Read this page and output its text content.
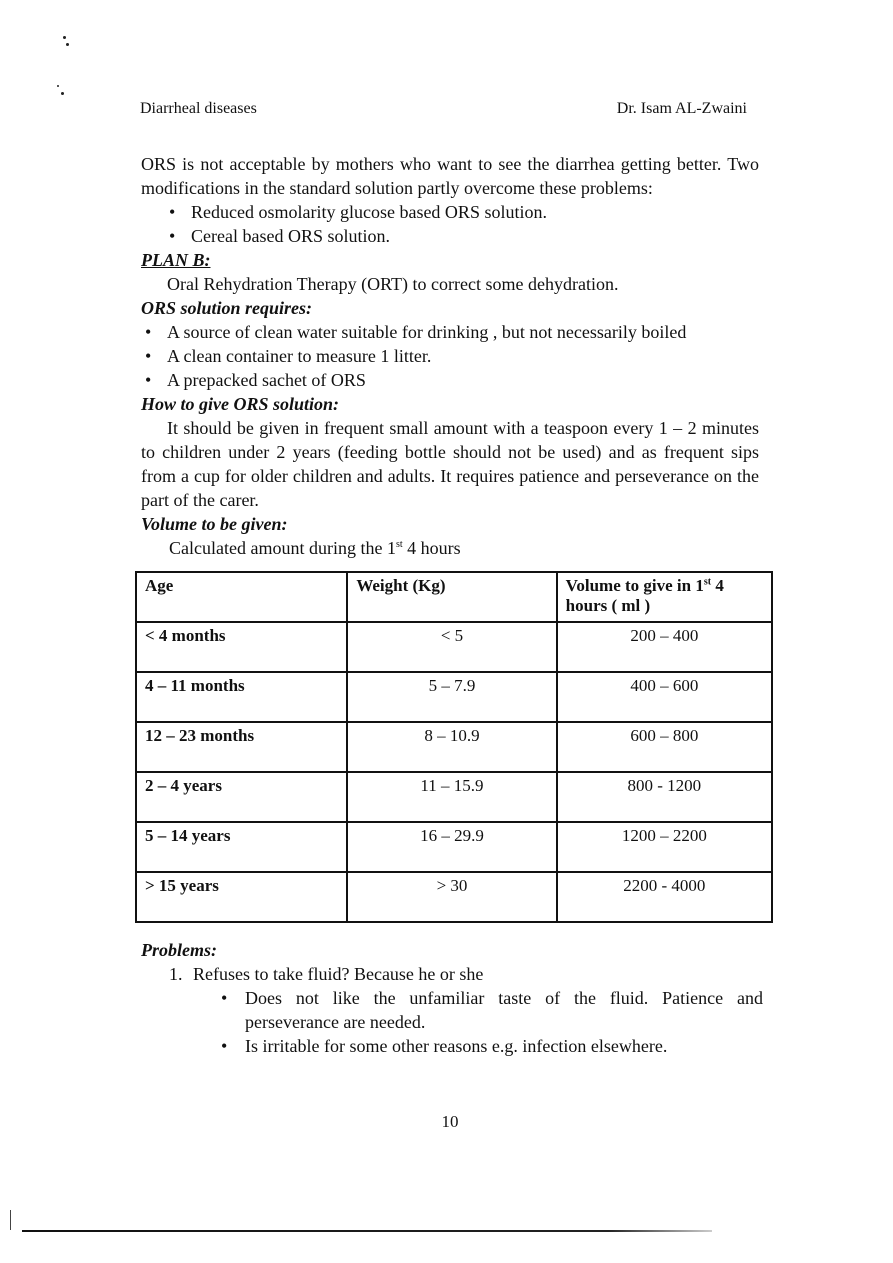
Diarrheal diseases	Dr. Isam AL-Zwaini

ORS is not acceptable by mothers who want to see the diarrhea getting better. Two modifications in the standard solution partly overcome these problems:

• Reduced osmolarity glucose based ORS solution.
• Cereal based ORS solution.
PLAN B:
Oral Rehydration Therapy (ORT) to correct some dehydration.
ORS solution requires:
• A source of clean water suitable for drinking , but not necessarily boiled
• A clean container to measure 1 litter.
• A prepacked sachet of ORS
How to give ORS solution:

It should be given in frequent small amount with a teaspoon every 1 – 2 minutes to children under 2 years (feeding bottle should not be used) and as frequent sips from a cup for older children and adults. It requires patience and perseverance on the part of the carer.

Volume to be given:
Calculated amount during the 1st 4 hours
Age	Weight (Kg)	Volume to give in 1st 4 hours ( ml )
< 4 months	< 5	200 – 400
4 – 11 months	5 – 7.9	400 – 600
12 – 23 months	8 – 10.9	600 – 800
2 – 4 years	11 – 15.9	800 - 1200
5 – 14 years	16 – 29.9	1200 – 2200
> 15 years	> 30	2200 - 4000
Problems:
1. Refuses to take fluid? Because he or she
• Does not like the unfamiliar taste of the fluid. Patience and perseverance are needed.
• Is irritable for some other reasons e.g. infection elsewhere.
10
